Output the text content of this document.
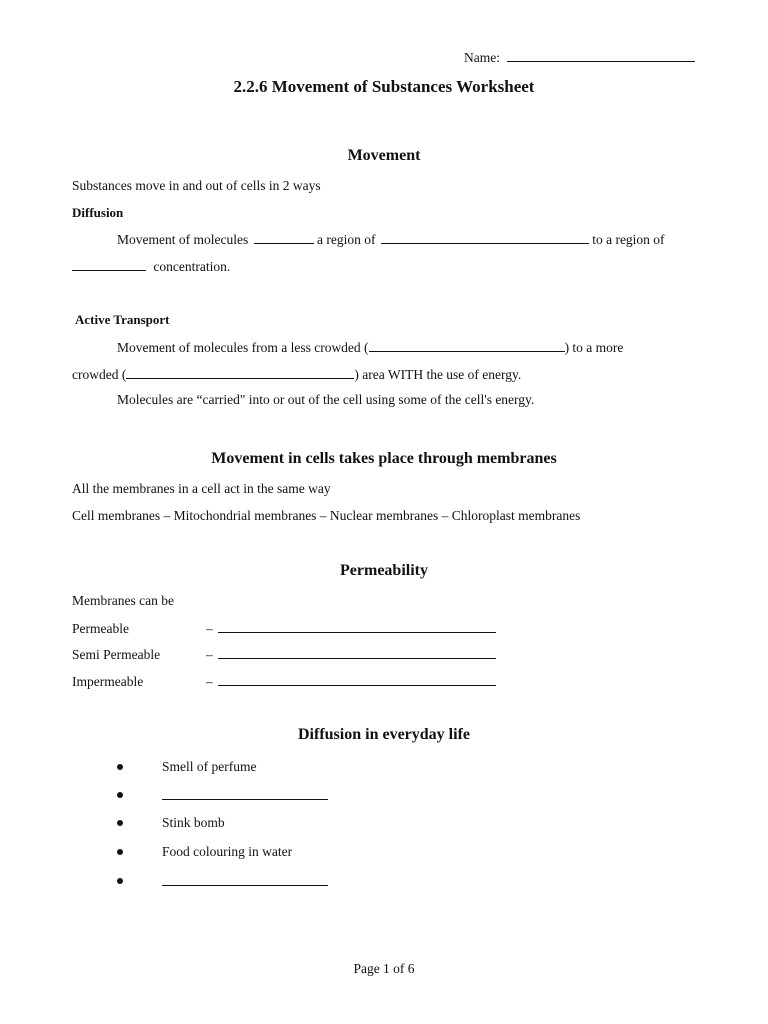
Name:
2.2.6 Movement of Substances Worksheet
Movement
Substances move in and out of cells in 2 ways
Diffusion
Movement of molecules	a region of	to a region of
concentration.
Active Transport
Movement of molecules from a less crowded (	) to a more
crowded (	) area WITH the use of energy.
Molecules are “carried" into or out of the cell using some of the cell's energy.
Movement in cells takes place through membranes
All the membranes in a cell act in the same way
Cell membranes – Mitochondrial membranes – Nuclear membranes – Chloroplast membranes
Permeability
Membranes can be
Permeable	–
Semi Permeable	–
Impermeable	–
Diffusion in everyday life
Smell of perfume
Stink bomb
Food colouring in water
Page 1 of 6
